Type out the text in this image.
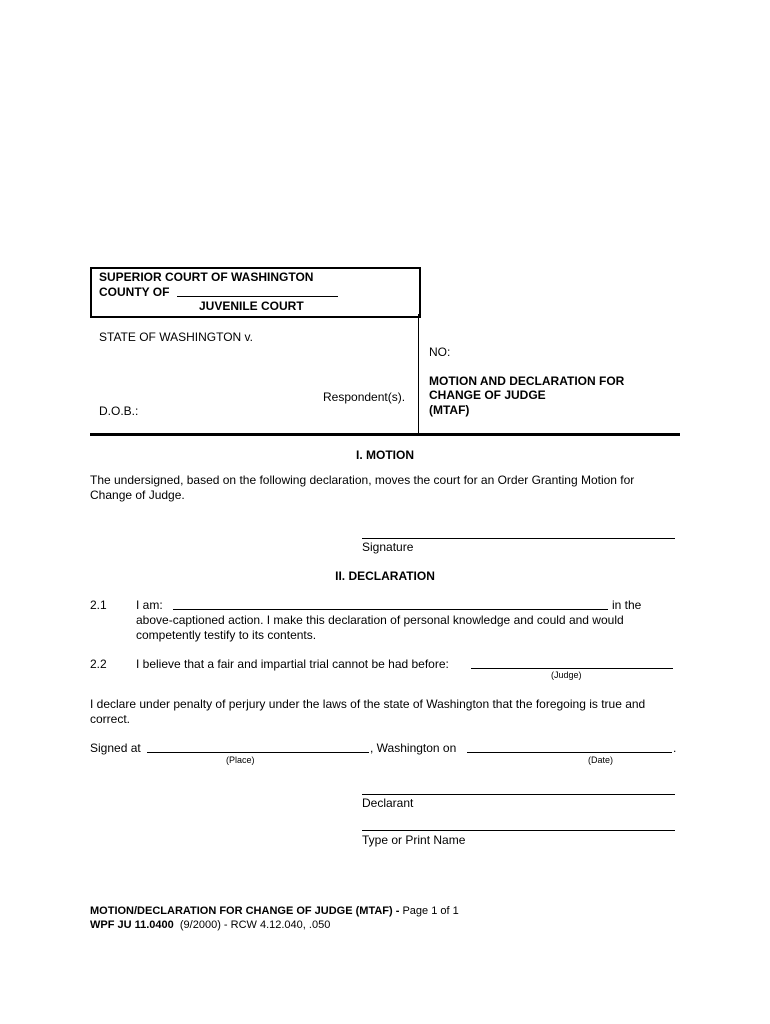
SUPERIOR COURT OF WASHINGTON
COUNTY OF
JUVENILE COURT
STATE OF WASHINGTON v.
Respondent(s).
D.O.B.:
NO:
MOTION AND DECLARATION FOR
CHANGE OF JUDGE
(MTAF)
I. MOTION
The undersigned, based on the following declaration, moves the court for an Order Granting Motion for
Change of Judge.
Signature
II. DECLARATION
2.1 I am:	in the
above-captioned action. I make this declaration of personal knowledge and could and would
competently testify to its contents.
2.2 I believe that a fair and impartial trial cannot be had before:
(Judge)
I declare under penalty of perjury under the laws of the state of Washington that the foregoing is true and
correct.
Signed at	, Washington on	.
(Place)	(Date)
Declarant
Type or Print Name
MOTION/DECLARATION FOR CHANGE OF JUDGE (MTAF) - Page 1 of 1
WPF JU 11.0400  (9/2000) - RCW 4.12.040, .050
